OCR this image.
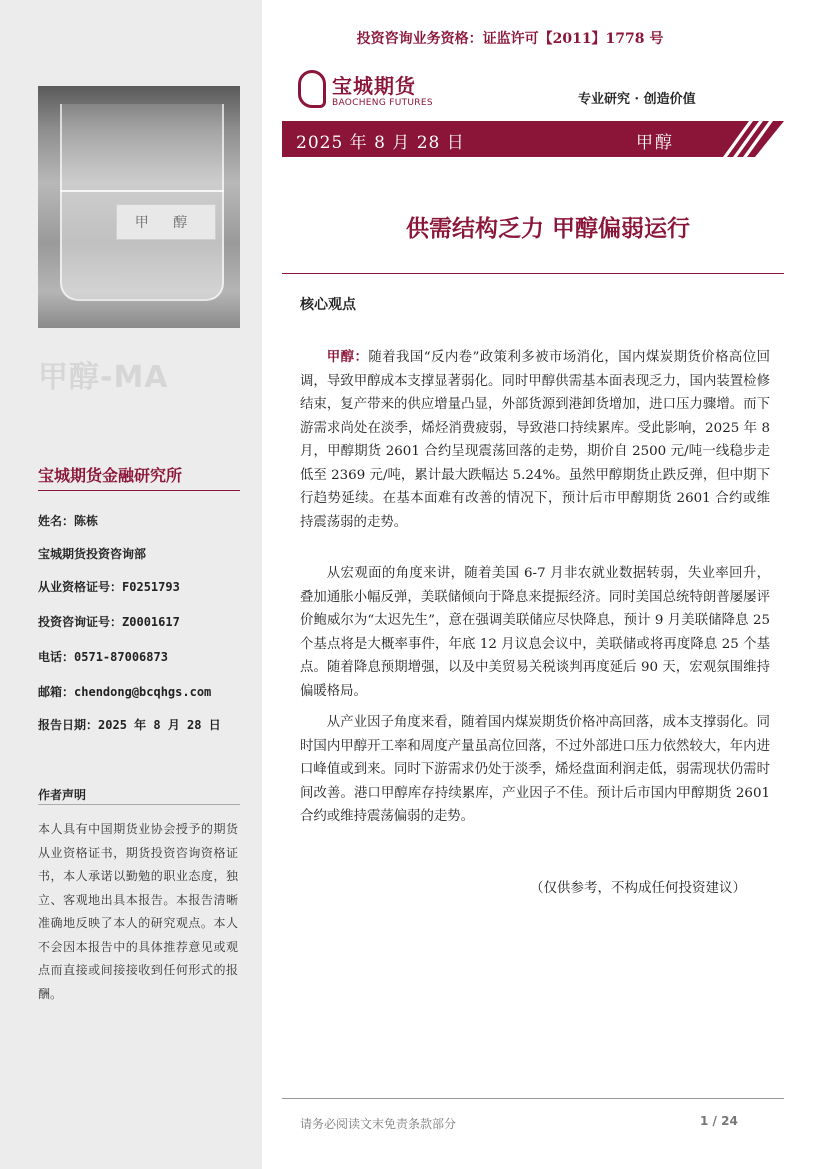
甲 醇
甲醇-MA
宝城期货金融研究所
姓名：陈栋
宝城期货投资咨询部
从业资格证号：F0251793
投资咨询证号：Z0001617
电话：0571-87006873
邮箱：chendong@bcqhgs.com
报告日期：2025 年 8 月 28 日
作者声明
本人具有中国期货业协会授予的期货从业资格证书，期货投资咨询资格证书，本人承诺以勤勉的职业态度，独立、客观地出具本报告。本报告清晰准确地反映了本人的研究观点。本人不会因本报告中的具体推荐意见或观点而直接或间接接收到任何形式的报酬。
投资咨询业务资格：证监许可【2011】1778 号
宝城期货
BAOCHENG FUTURES	专业研究 · 创造价值
2025 年 8 月 28 日	甲醇
供需结构乏力 甲醇偏弱运行
核心观点

甲醇：随着我国“反内卷”政策利多被市场消化，国内煤炭期货价格高位回调，导致甲醇成本支撑显著弱化。同时甲醇供需基本面表现乏力，国内装置检修结束，复产带来的供应增量凸显，外部货源到港卸货增加，进口压力骤增。而下游需求尚处在淡季，烯烃消费疲弱，导致港口持续累库。受此影响，2025 年 8 月，甲醇期货 2601 合约呈现震荡回落的走势，期价自 2500 元/吨一线稳步走低至 2369 元/吨，累计最大跌幅达 5.24%。虽然甲醇期货止跌反弹，但中期下行趋势延续。在基本面难有改善的情况下，预计后市甲醇期货 2601 合约或维持震荡弱的走势。

从宏观面的角度来讲，随着美国 6-7 月非农就业数据转弱，失业率回升，叠加通胀小幅反弹，美联储倾向于降息来提振经济。同时美国总统特朗普屡屡评价鲍威尔为“太迟先生”，意在强调美联储应尽快降息，预计 9 月美联储降息 25 个基点将是大概率事件，年底 12 月议息会议中，美联储或将再度降息 25 个基点。随着降息预期增强，以及中美贸易关税谈判再度延后 90 天，宏观氛围维持偏暖格局。

从产业因子角度来看，随着国内煤炭期货价格冲高回落，成本支撑弱化。同时国内甲醇开工率和周度产量虽高位回落，不过外部进口压力依然较大，年内进口峰值或到来。同时下游需求仍处于淡季，烯烃盘面利润走低，弱需现状仍需时间改善。港口甲醇库存持续累库，产业因子不佳。预计后市国内甲醇期货 2601 合约或维持震荡偏弱的走势。

（仅供参考，不构成任何投资建议）
请务必阅读文末免责条款部分	1 / 24
